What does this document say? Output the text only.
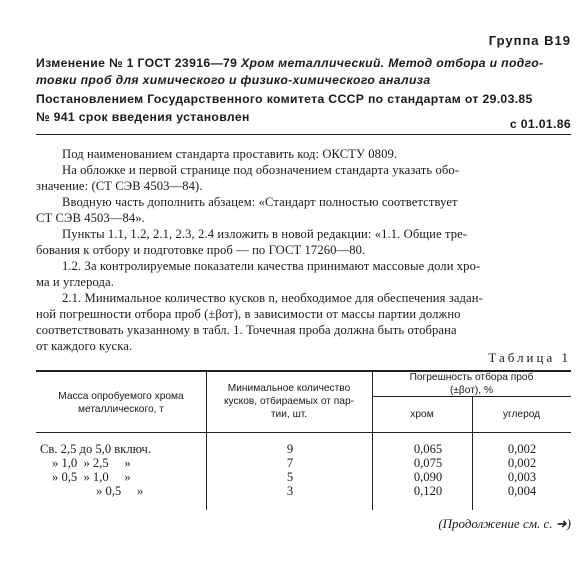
Группа В19
Изменение № 1 ГОСТ 23916—79 Хром металлический. Метод отбора и подго-
товки проб для химического и физико-химического анализа
Постановлением Государственного комитета СССР по стандартам от 29.03.85
№ 941 срок введения установлен	с 01.01.86
Под наименованием стандарта проставить код: ОКСТУ 0809.
На обложке и первой странице под обозначением стандарта указать обо-
значение: (СТ СЭВ 4503—84).
Вводную часть дополнить абзацем: «Стандарт полностью соответствует
СТ СЭВ 4503—84».
Пункты 1.1, 1.2, 2.1, 2.3, 2.4 изложить в новой редакции: «1.1. Общие тре-
бования к отбору и подготовке проб — по ГОСТ 17260—80.
1.2. За контролируемые показатели качества принимают массовые доли хро-
ма и углерода.
2.1. Минимальное количество кусков n, необходимое для обеспечения задан-
ной погрешности отбора проб (±βот), в зависимости от массы партии должно
соответствовать указанному в табл. 1. Точечная проба должна быть отобрана
от каждого куска.
Таблица 1
Масса опробуемого хрома
металлического, т
Минимальное количество
кусков, отбираемых от пар-
тии, шт.
Погрешность отбора проб
(±βот), %
хром	углерод
Св. 2,5 до 5,0 включ.	9	0,065	0,002
» 1,0  » 2,5     »	7	0,075	0,002
» 0,5  » 1,0     »	5	0,090	0,003
» 0,5     »	3	0,120	0,004
(Продолжение см. с. ➜)
